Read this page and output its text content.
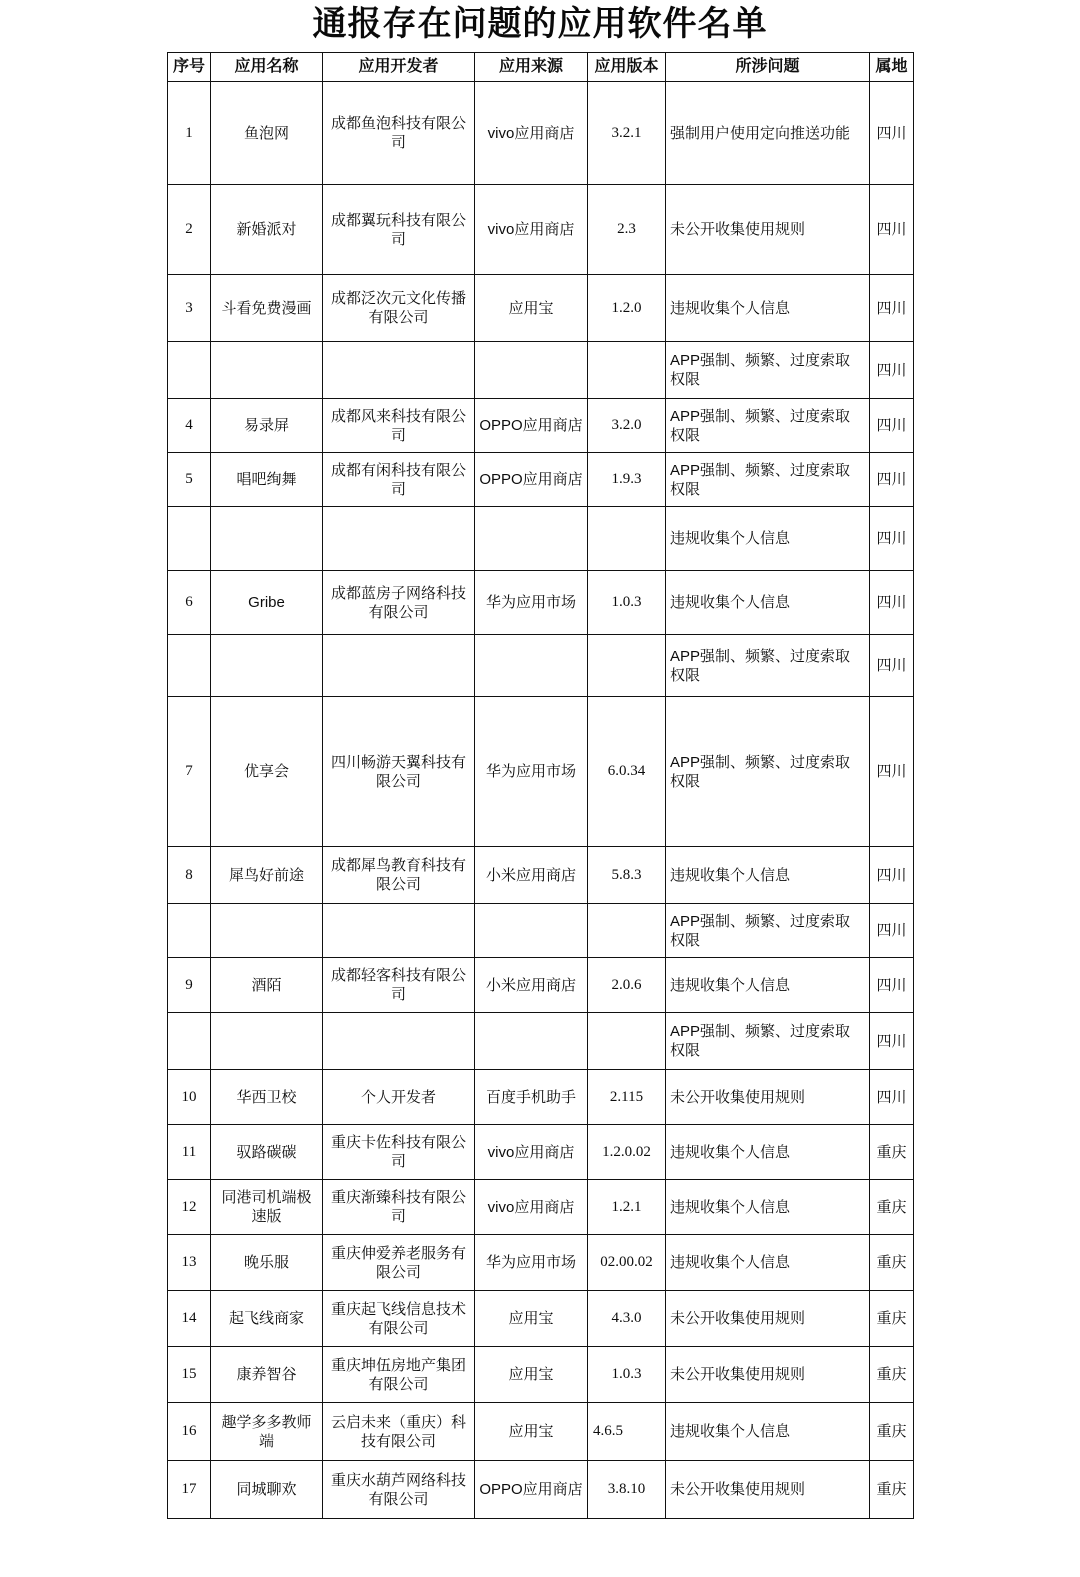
通报存在问题的应用软件名单
序号	应用名称	应用开发者	应用来源	应用版本	所涉问题	属地
1	鱼泡网	成都鱼泡科技有限公司	vivo应用商店	3.2.1	强制用户使用定向推送功能	四川
2	新婚派对	成都翼玩科技有限公司	vivo应用商店	2.3	未公开收集使用规则	四川
3	斗看免费漫画	成都泛次元文化传播有限公司	应用宝	1.2.0	违规收集个人信息	四川
					APP强制、频繁、过度索取权限	四川
4	易录屏	成都风来科技有限公司	OPPO应用商店	3.2.0	APP强制、频繁、过度索取权限	四川
5	唱吧绚舞	成都有闲科技有限公司	OPPO应用商店	1.9.3	APP强制、频繁、过度索取权限	四川
					违规收集个人信息	四川
6	Gribe	成都蓝房子网络科技有限公司	华为应用市场	1.0.3	违规收集个人信息	四川
					APP强制、频繁、过度索取权限	四川
7	优享会	四川畅游天翼科技有限公司	华为应用市场	6.0.34	APP强制、频繁、过度索取权限	四川
8	犀鸟好前途	成都犀鸟教育科技有限公司	小米应用商店	5.8.3	违规收集个人信息	四川
					APP强制、频繁、过度索取权限	四川
9	酒陌	成都轻客科技有限公司	小米应用商店	2.0.6	违规收集个人信息	四川
					APP强制、频繁、过度索取权限	四川
10	华西卫校	个人开发者	百度手机助手	2.115	未公开收集使用规则	四川
11	驭路碳碳	重庆卡佐科技有限公司	vivo应用商店	1.2.0.02	违规收集个人信息	重庆
12	同港司机端极速版	重庆渐臻科技有限公司	vivo应用商店	1.2.1	违规收集个人信息	重庆
13	晚乐服	重庆伸爱养老服务有限公司	华为应用市场	02.00.02	违规收集个人信息	重庆
14	起飞线商家	重庆起飞线信息技术有限公司	应用宝	4.3.0	未公开收集使用规则	重庆
15	康养智谷	重庆坤伍房地产集团有限公司	应用宝	1.0.3	未公开收集使用规则	重庆
16	趣学多多教师端	云启未来（重庆）科技有限公司	应用宝	4.6.5	违规收集个人信息	重庆
17	同城聊欢	重庆水葫芦网络科技有限公司	OPPO应用商店	3.8.10	未公开收集使用规则	重庆
